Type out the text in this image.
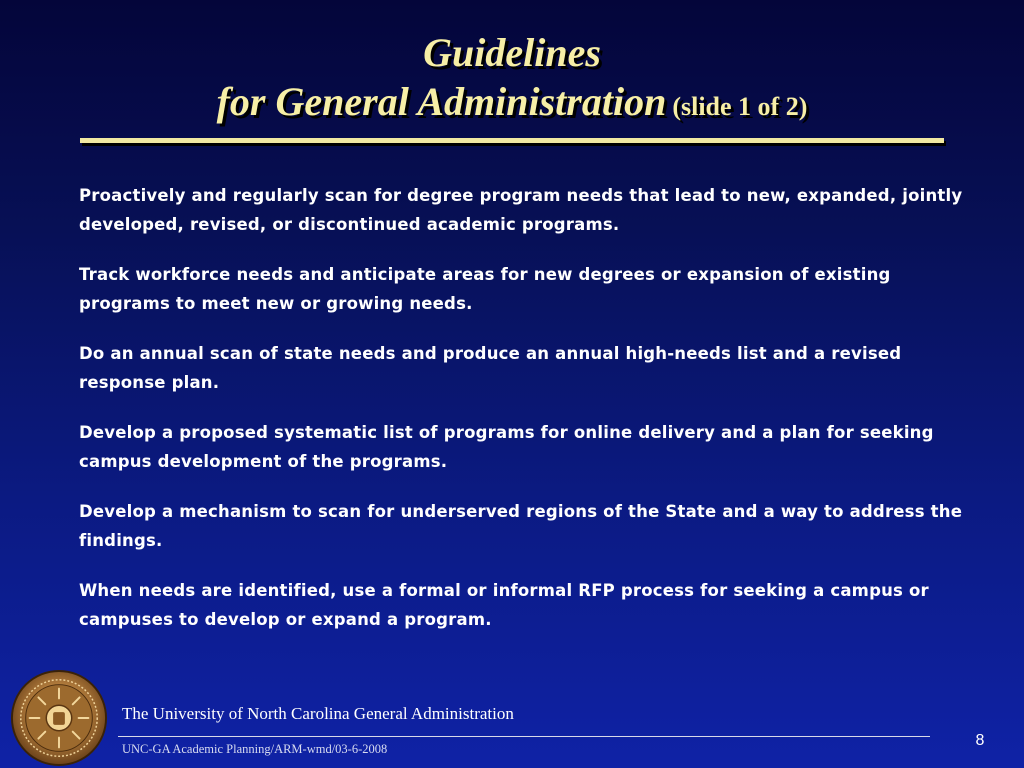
Guidelines
for General Administration (slide 1 of 2)
Proactively and regularly scan for degree program needs that lead to new, expanded, jointly developed, revised, or discontinued academic programs.
Track workforce needs and anticipate areas for new degrees or expansion of existing programs to meet new or growing needs.
Do an annual scan of state needs and produce an annual high-needs list and a revised response plan.
Develop a proposed systematic list of programs for online delivery and a plan for seeking campus development of the programs.
Develop a mechanism to scan for underserved regions of the State and a way to address the findings.
When needs are identified, use a formal or informal RFP process for seeking a campus or campuses to develop or expand a program.
The University of North Carolina General Administration
UNC-GA Academic Planning/ARM-wmd/03-6-2008	8
